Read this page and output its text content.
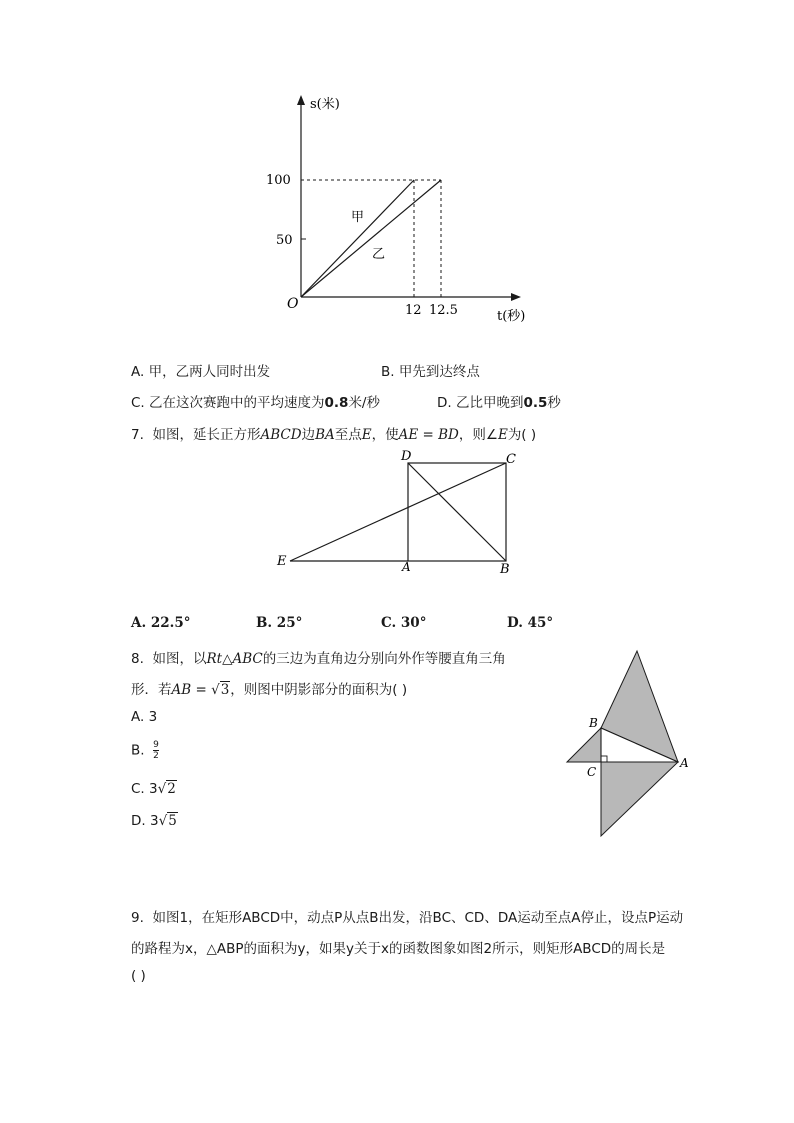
s(米)
t(秒)
O
100
50
12 12.5
甲
乙
A. 甲，乙两人同时出发	B. 甲先到达终点
C. 乙在这次赛跑中的平均速度为0.8米/秒	D. 乙比甲晚到0.5秒
7. 如图，延长正方形ABCD边BA至点E，使AE = BD，则∠E为( )
D	C
E	A	B
A. 22.5°	B. 25°	C. 30°	D. 45°
8. 如图，以Rt△ABC的三边为直角边分别向外作等腰直角三角
形．若AB = √3，则图中阴影部分的面积为( )
A. 3
B. $\frac{9}{2}$
C. 3√2
D. 3√5
B
C
A
9. 如图1，在矩形ABCD中，动点P从点B出发，沿BC、CD、DA运动至点A停止，设点P运动
的路程为x，△ABP的面积为y，如果y关于x的函数图象如图2所示，则矩形ABCD的周长是
( )
